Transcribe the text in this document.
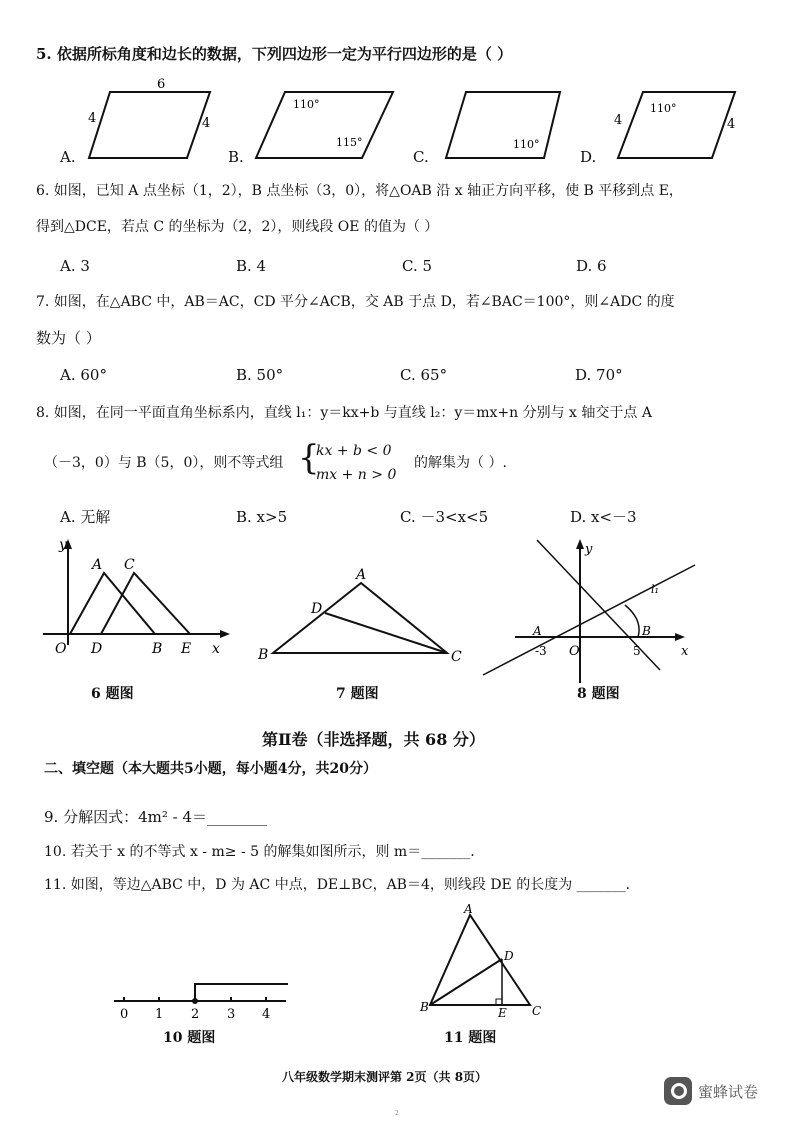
5. 依据所标角度和边长的数据，下列四边形一定为平行四边形的是（ ）
6
4	4
110°
115°	110°
110°
4	4
A.	B.	C.	D.
6. 如图，已知 A 点坐标（1，2），B 点坐标（3，0），将△OAB 沿 x 轴正方向平移，使 B 平移到点 E，
得到△DCE，若点 C 的坐标为（2，2），则线段 OE 的值为（ ）
A. 3	B. 4	C. 5	D. 6
7. 如图，在△ABC 中，AB＝AC，CD 平分∠ACB，交 AB 于点 D，若∠BAC＝100°，则∠ADC 的度
数为（ ）
A. 60°	B. 50°	C. 65°	D. 70°
8. 如图，在同一平面直角坐标系内，直线 l₁：y＝kx+b 与直线 l₂：y＝mx+n 分别与 x 轴交于点 A
（－3，0）与 B（5，0），则不等式组 {
kx + b < 0
mx + n > 0
的解集为（ ）.
A. 无解	B. x>5	C. －3<x<5	D. x<－3
y
A C
O D	B E x
6 题图
A
D
B	C
7 题图
y
l₁
A
-3 O	5
B
x
8 题图
第Ⅱ卷（非选择题，共 68 分）
二、填空题（本大题共5小题，每小题4分，共20分）
9. 分解因式：4m² - 4＝________
10. 若关于 x 的不等式 x - m≥ - 5 的解集如图所示，则 m＝_______.
11. 如图，等边△ABC 中，D 为 AC 中点，DE⊥BC，AB＝4，则线段 DE 的长度为 _______.
0 1 2 3 4
10 题图
A
D
B	E C
11 题图
八年级数学期末测评第 2页（共 8页）
蜜蜂试卷
2
